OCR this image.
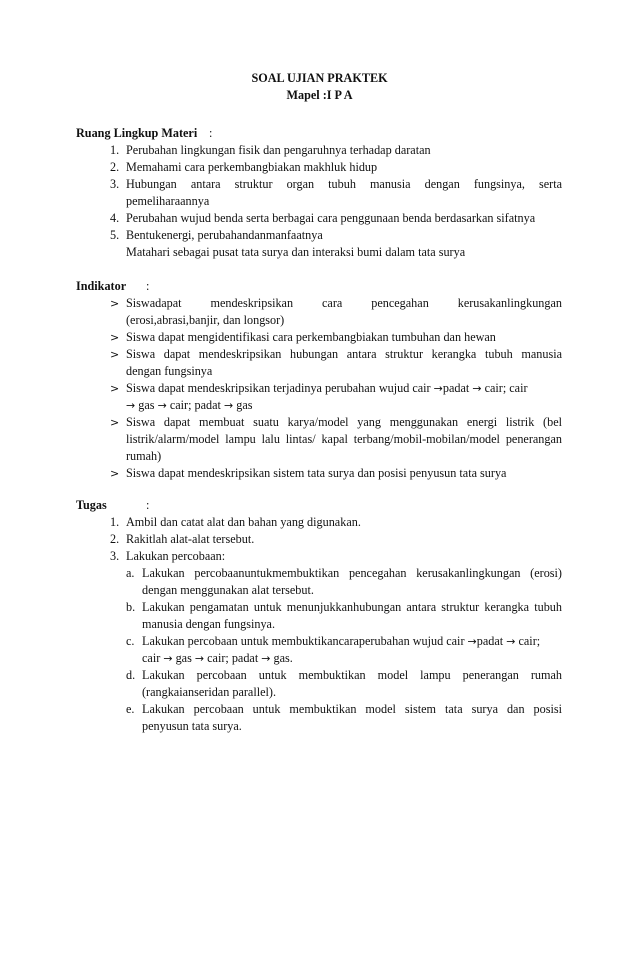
SOAL UJIAN PRAKTEK
Mapel :I P A
Ruang Lingkup Materi :
1. Perubahan lingkungan fisik dan pengaruhnya terhadap daratan
2. Memahami cara perkembangbiakan makhluk hidup
3. Hubungan antara struktur organ tubuh manusia dengan fungsinya, serta
pemeliharaannya
4. Perubahan wujud benda serta berbagai cara penggunaan benda berdasarkan sifatnya
5. Bentukenergi, perubahandanmanfaatnya
Matahari sebagai pusat tata surya dan interaksi bumi dalam tata surya
Indikator :
> Siswadapat mendeskripsikan cara pencegahan kerusakanlingkungan
(erosi,abrasi,banjir, dan longsor)
> Siswa dapat mengidentifikasi cara perkembangbiakan tumbuhan dan hewan
> Siswa dapat mendeskripsikan hubungan antara struktur kerangka tubuh manusia
dengan fungsinya
> Siswa dapat mendeskripsikan terjadinya perubahan wujud cair →padat → cair; cair
→ gas → cair; padat → gas
> Siswa dapat membuat suatu karya/model yang menggunakan energi listrik (bel
listrik/alarm/model lampu lalu lintas/ kapal terbang/mobil-mobilan/model penerangan
rumah)
> Siswa dapat mendeskripsikan sistem tata surya dan posisi penyusun tata surya
Tugas	:
1. Ambil dan catat alat dan bahan yang digunakan.
2. Rakitlah alat-alat tersebut.
3. Lakukan percobaan:
a. Lakukan percobaanuntukmembuktikan pencegahan kerusakanlingkungan (erosi)
dengan menggunakan alat tersebut.
b. Lakukan pengamatan untuk menunjukkanhubungan antara struktur kerangka tubuh
manusia dengan fungsinya.
c. Lakukan percobaan untuk membuktikancaraperubahan wujud cair →padat → cair;
cair → gas → cair; padat → gas.
d. Lakukan percobaan untuk membuktikan model lampu penerangan rumah
(rangkaianseridan parallel).
e. Lakukan percobaan untuk membuktikan model sistem tata surya dan posisi
penyusun tata surya.
